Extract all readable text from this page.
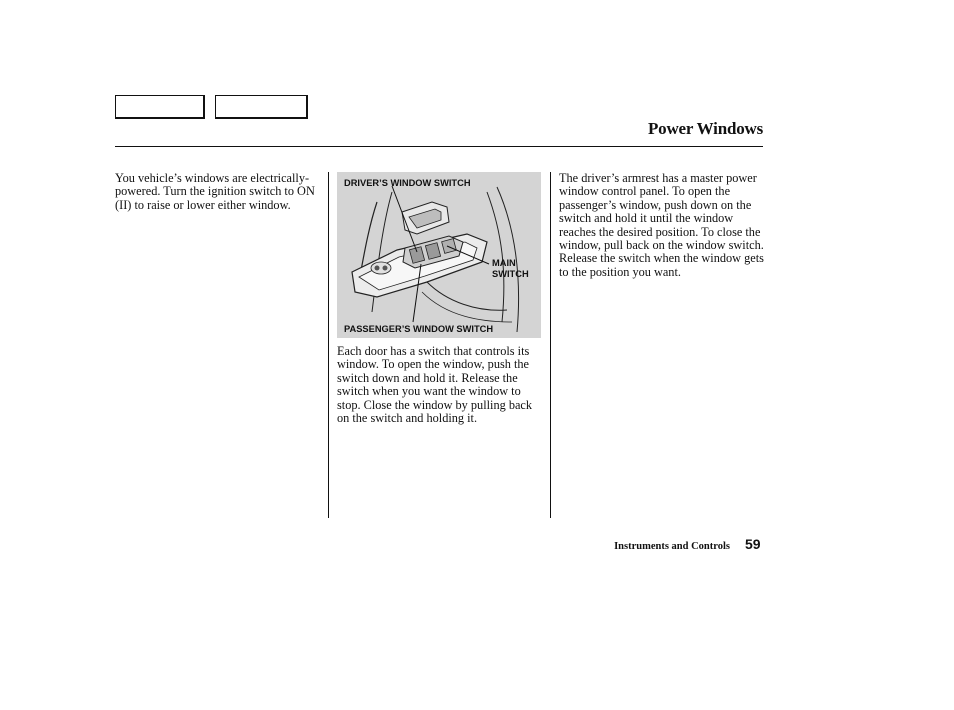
Power Windows

You vehicle’s windows are electrically-powered. Turn the ignition switch to ON (II) to raise or lower either window.

DRIVER’S WINDOW SWITCH
MAIN
SWITCH
PASSENGER’S WINDOW SWITCH

Each door has a switch that controls its window. To open the window, push the switch down and hold it. Release the switch when you want the window to stop. Close the window by pulling back on the switch and holding it.

The driver’s armrest has a master power window control panel. To open the passenger’s window, push down on the switch and hold it until the window reaches the desired position. To close the window, pull back on the window switch. Release the switch when the window gets to the position you want.

Instruments and Controls 59
